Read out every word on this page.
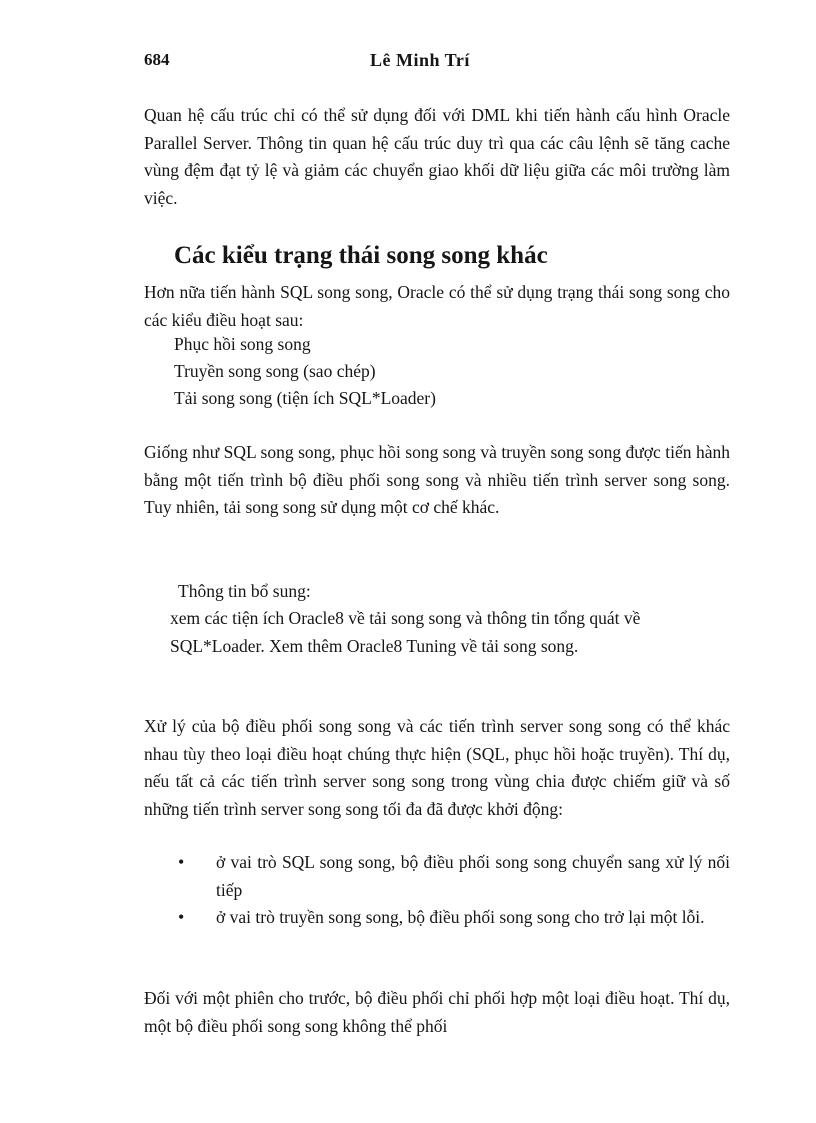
684	Lê Minh Trí

Quan hệ cấu trúc chỉ có thể sử dụng đối với DML khi tiến hành cấu hình Oracle Parallel Server. Thông tin quan hệ cấu trúc duy trì qua các câu lệnh sẽ tăng cache vùng đệm đạt tỷ lệ và giảm các chuyển giao khối dữ liệu giữa các môi trường làm việc.

Các kiểu trạng thái song song khác

Hơn nữa tiến hành SQL song song, Oracle có thể sử dụng trạng thái song song cho các kiểu điều hoạt sau:

Phục hồi song song

Truyền song song (sao chép)

Tải song song (tiện ích SQL*Loader)

Giống như SQL song song, phục hồi song song và truyền song song được tiến hành bằng một tiến trình bộ điều phối song song và nhiều tiến trình server song song. Tuy nhiên, tải song song sử dụng một cơ chế khác.

Thông tin bổ sung:

xem các tiện ích Oracle8 về tải song song và thông tin tổng quát về SQL*Loader. Xem thêm Oracle8 Tuning về tải song song.

Xử lý của bộ điều phối song song và các tiến trình server song song có thể khác nhau tùy theo loại điều hoạt chúng thực hiện (SQL, phục hồi hoặc truyền). Thí dụ, nếu tất cả các tiến trình server song song trong vùng chia được chiếm giữ và số những tiến trình server song song tối đa đã được khởi động:

• ở vai trò SQL song song, bộ điều phối song song chuyển sang xử lý nối tiếp

• ở vai trò truyền song song, bộ điều phối song song cho trở lại một lỗi.

Đối với một phiên cho trước, bộ điều phối chỉ phối hợp một loại điều hoạt. Thí dụ, một bộ điều phối song song không thể phối
